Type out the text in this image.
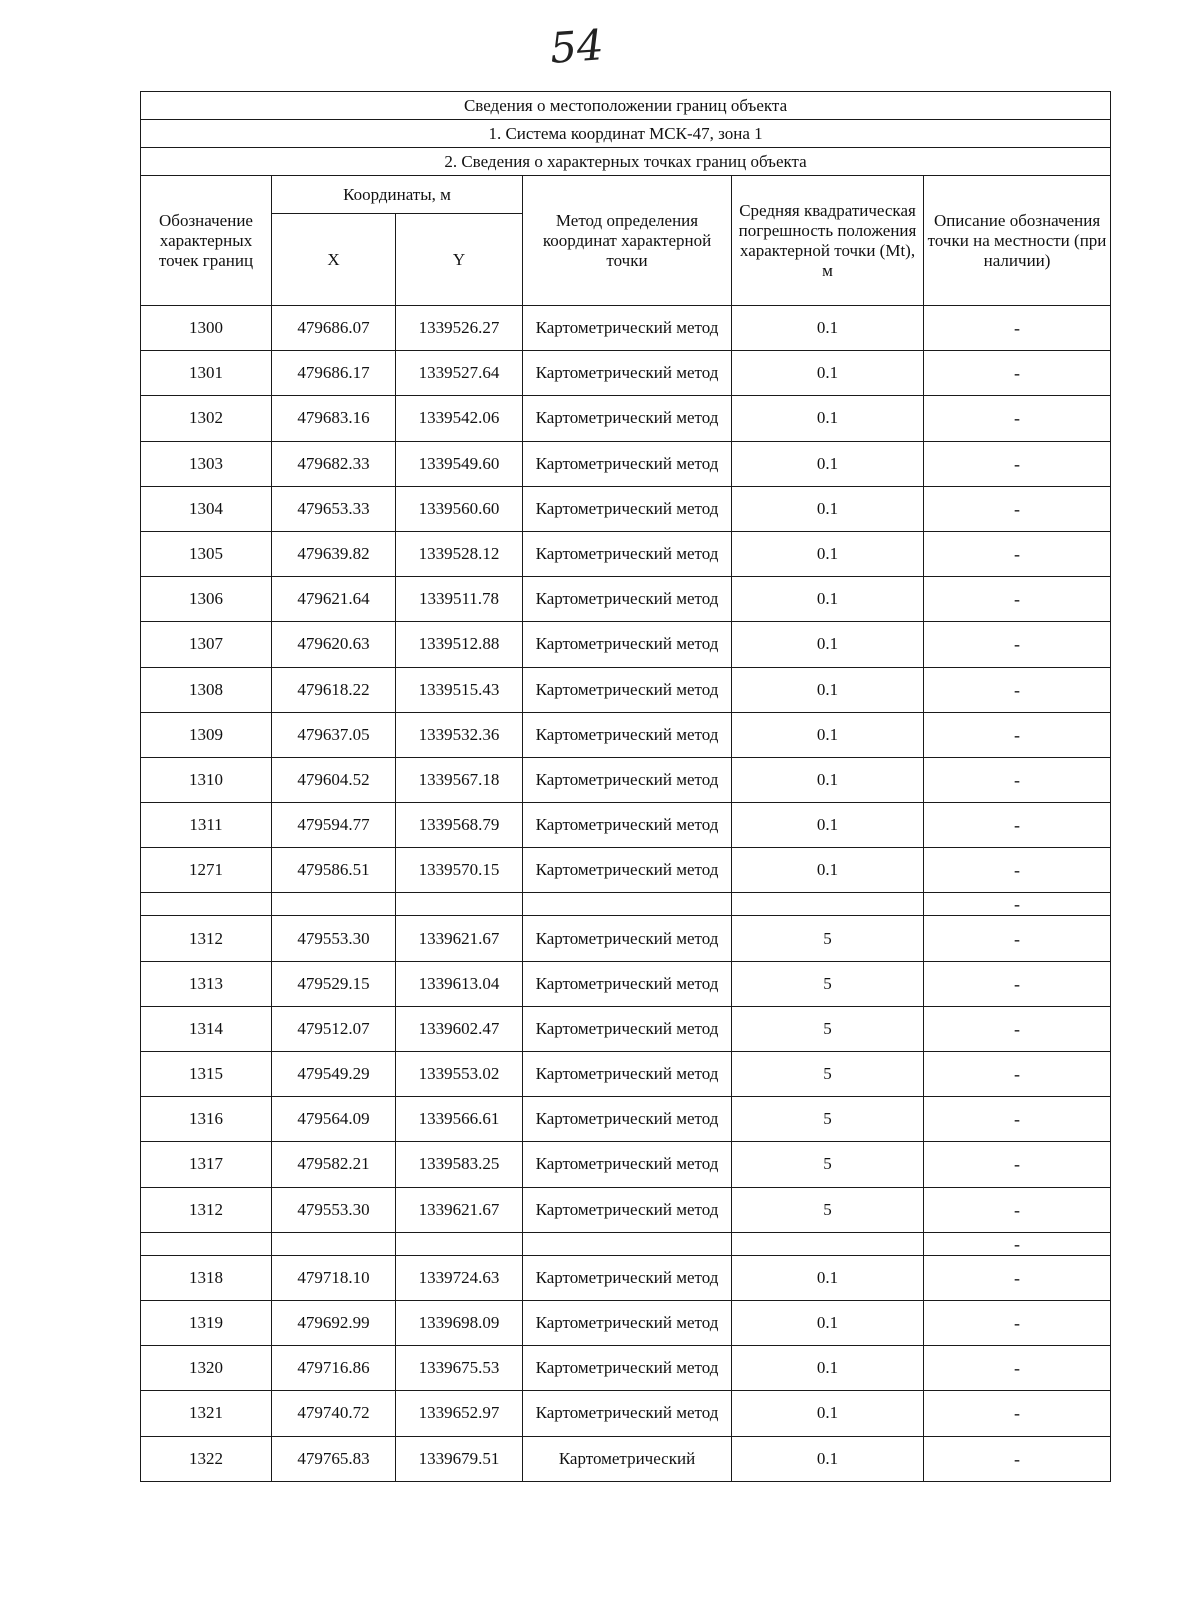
54
Сведения о местоположении границ объекта					
1. Система координат МСК-47, зона 1					
2. Сведения о характерных точках границ объекта					
Обозначение характерных точек границ	Координаты, м		Метод определения координат характерной точки	Средняя квадратическая погрешность положения характерной точки (Mt), м	Описание обозначения точки на местности (при наличии)
	X	Y			
1300	479686.07	1339526.27	Картометрический метод	0.1	-
1301	479686.17	1339527.64	Картометрический метод	0.1	-
1302	479683.16	1339542.06	Картометрический метод	0.1	-
1303	479682.33	1339549.60	Картометрический метод	0.1	-
1304	479653.33	1339560.60	Картометрический метод	0.1	-
1305	479639.82	1339528.12	Картометрический метод	0.1	-
1306	479621.64	1339511.78	Картометрический метод	0.1	-
1307	479620.63	1339512.88	Картометрический метод	0.1	-
1308	479618.22	1339515.43	Картометрический метод	0.1	-
1309	479637.05	1339532.36	Картометрический метод	0.1	-
1310	479604.52	1339567.18	Картометрический метод	0.1	-
1311	479594.77	1339568.79	Картометрический метод	0.1	-
1271	479586.51	1339570.15	Картометрический метод	0.1	-
					-
1312	479553.30	1339621.67	Картометрический метод	5	-
1313	479529.15	1339613.04	Картометрический метод	5	-
1314	479512.07	1339602.47	Картометрический метод	5	-
1315	479549.29	1339553.02	Картометрический метод	5	-
1316	479564.09	1339566.61	Картометрический метод	5	-
1317	479582.21	1339583.25	Картометрический метод	5	-
1312	479553.30	1339621.67	Картометрический метод	5	-
					-
1318	479718.10	1339724.63	Картометрический метод	0.1	-
1319	479692.99	1339698.09	Картометрический метод	0.1	-
1320	479716.86	1339675.53	Картометрический метод	0.1	-
1321	479740.72	1339652.97	Картометрический метод	0.1	-
1322	479765.83	1339679.51	Картометрический	0.1	-
